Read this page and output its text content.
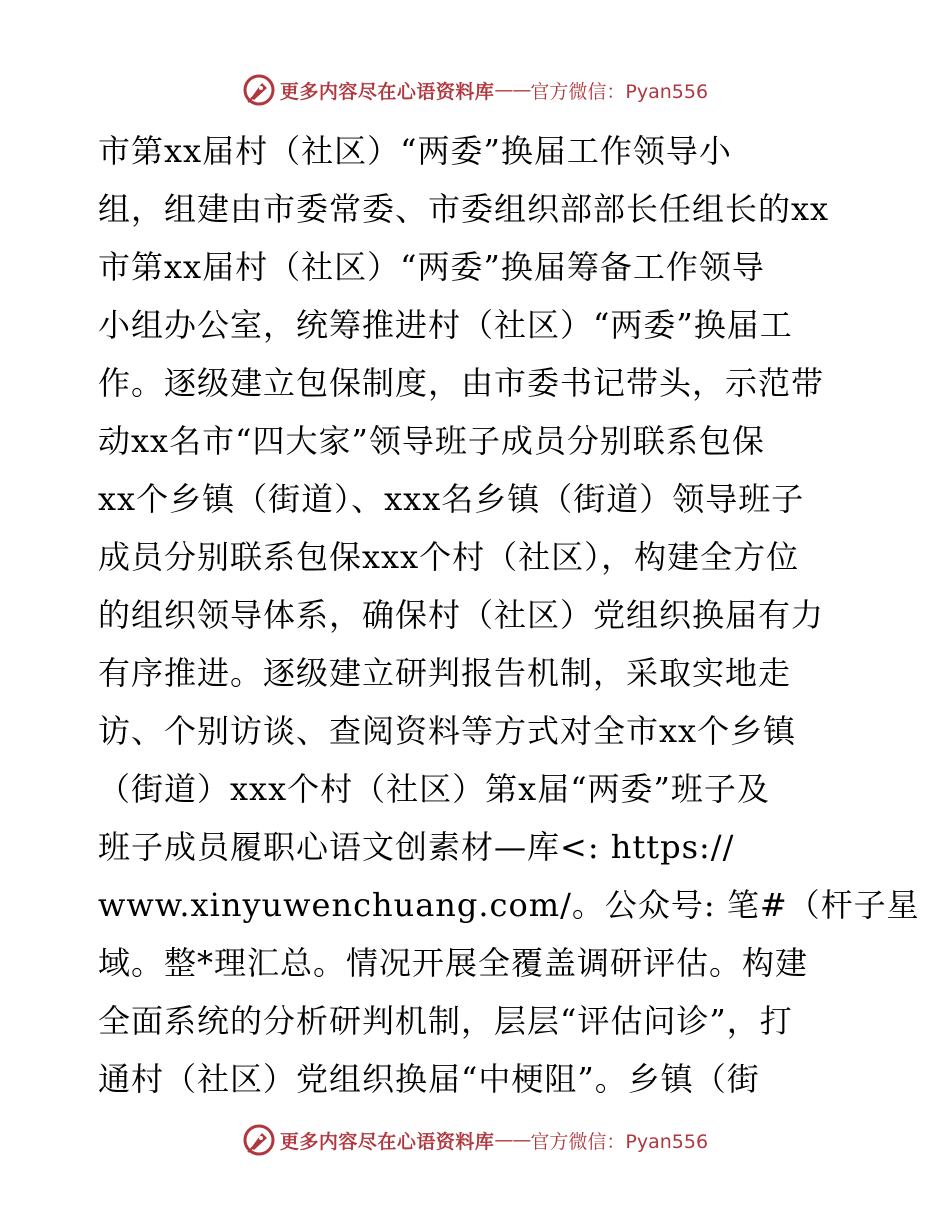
更多内容尽在心语资料库 —— 官方微信：Pyan556
市第xx届村（社区）“两委”换届工作领导小
组，组建由市委常委、市委组织部部长任组长的xx
市第xx届村（社区）“两委”换届筹备工作领导
小组办公室，统筹推进村（社区）“两委”换届工
作。逐级建立包保制度，由市委书记带头，示范带
动xx名市“四大家”领导班子成员分别联系包保
xx个乡镇（街道）、xxx名乡镇（街道）领导班子
成员分别联系包保xxx个村（社区），构建全方位
的组织领导体系，确保村（社区）党组织换届有力
有序推进。逐级建立研判报告机制，采取实地走
访、个别访谈、查阅资料等方式对全市xx个乡镇
（街道）xxx个村（社区）第x届“两委”班子及
班子成员履职心语文创素材—库<: https://
www.xinyuwenchuang.com/。公众号: 笔#（杆子星
域。整*理汇总。情况开展全覆盖调研评估。构建
全面系统的分析研判机制，层层“评估问诊”，打
通村（社区）党组织换届“中梗阻”。乡镇（街
更多内容尽在心语资料库 —— 官方微信：Pyan556
